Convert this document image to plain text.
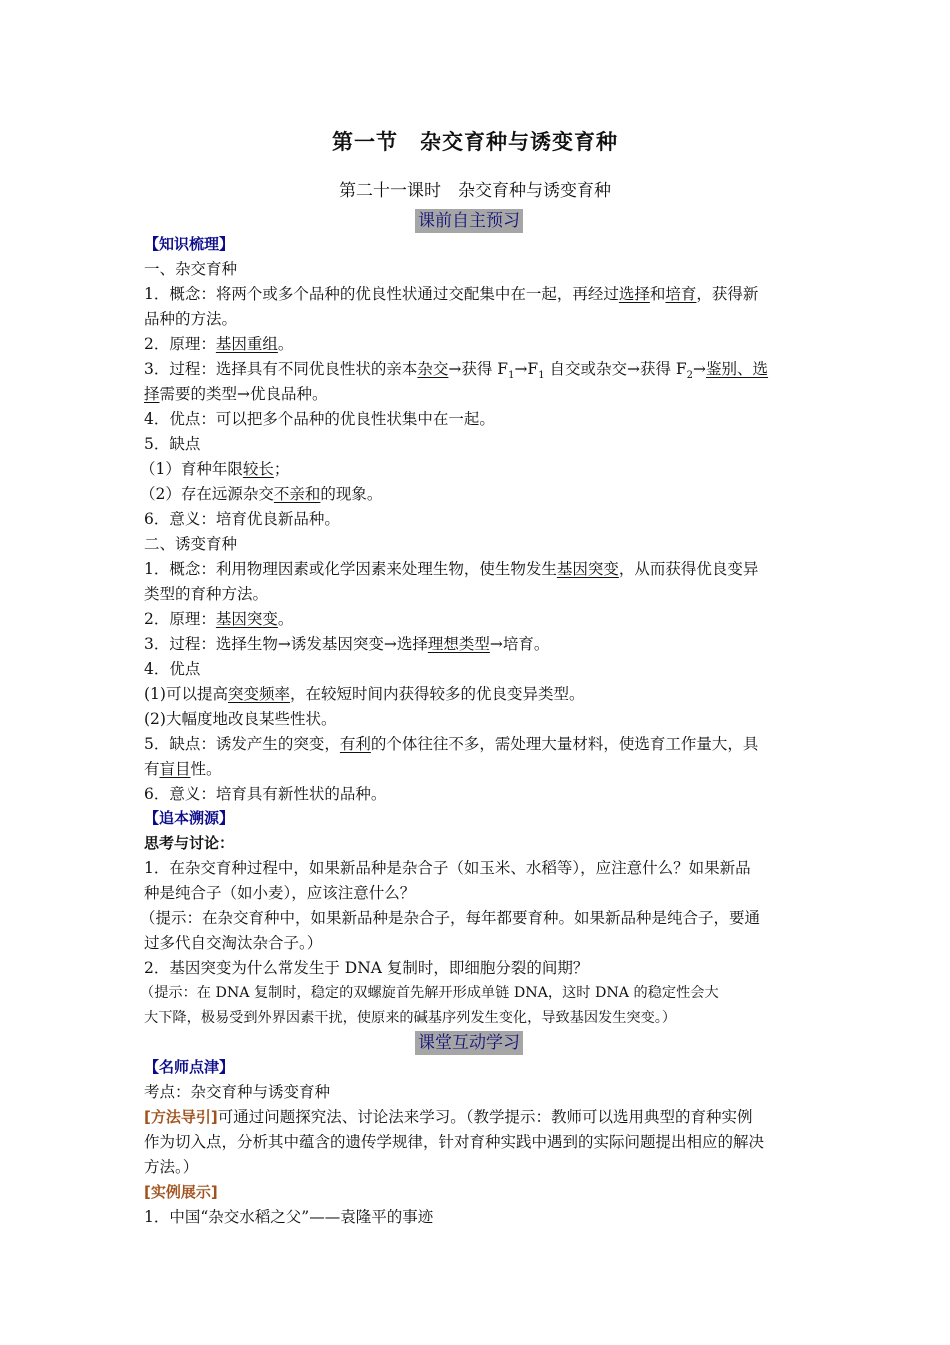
第一节　杂交育种与诱变育种
第二十一课时　杂交育种与诱变育种
课前自主预习
【知识梳理】
一、杂交育种
1．概念：将两个或多个品种的优良性状通过交配集中在一起，再经过选择和培育，获得新
品种的方法。
2．原理：基因重组。
3．过程：选择具有不同优良性状的亲本杂交→获得 $F_1\to F_1$ 自交或杂交→获得 $F_2\to$鉴别、选
择需要的类型→优良品种。
4．优点：可以把多个品种的优良性状集中在一起。
5．缺点
（1）育种年限较长；
（2）存在远源杂交不亲和的现象。
6．意义：培育优良新品种。
二、诱变育种
1．概念：利用物理因素或化学因素来处理生物，使生物发生基因突变，从而获得优良变异
类型的育种方法。
2．原理：基因突变。
3．过程：选择生物→诱发基因突变→选择理想类型→培育。
4．优点
(1)可以提高突变频率，在较短时间内获得较多的优良变异类型。
(2)大幅度地改良某些性状。
5．缺点：诱发产生的突变，有利的个体往往不多，需处理大量材料，使选育工作量大，具
有盲目性。
6．意义：培育具有新性状的品种。
【追本溯源】
思考与讨论：
1．在杂交育种过程中，如果新品种是杂合子（如玉米、水稻等），应注意什么？如果新品
种是纯合子（如小麦），应该注意什么？
（提示：在杂交育种中，如果新品种是杂合子，每年都要育种。如果新品种是纯合子，要通
过多代自交淘汰杂合子。）
2．基因突变为什么常发生于 DNA 复制时，即细胞分裂的间期？
（提示：在 DNA 复制时，稳定的双螺旋首先解开形成单链 DNA，这时 DNA 的稳定性会大
大下降，极易受到外界因素干扰，使原来的碱基序列发生变化，导致基因发生突变。）
课堂互动学习
【名师点津】
考点：杂交育种与诱变育种
[方法导引]可通过问题探究法、讨论法来学习。（教学提示：教师可以选用典型的育种实例
作为切入点，分析其中蕴含的遗传学规律，针对育种实践中遇到的实际问题提出相应的解决
方法。）
[实例展示]
1．中国“杂交水稻之父”——袁隆平的事迹
